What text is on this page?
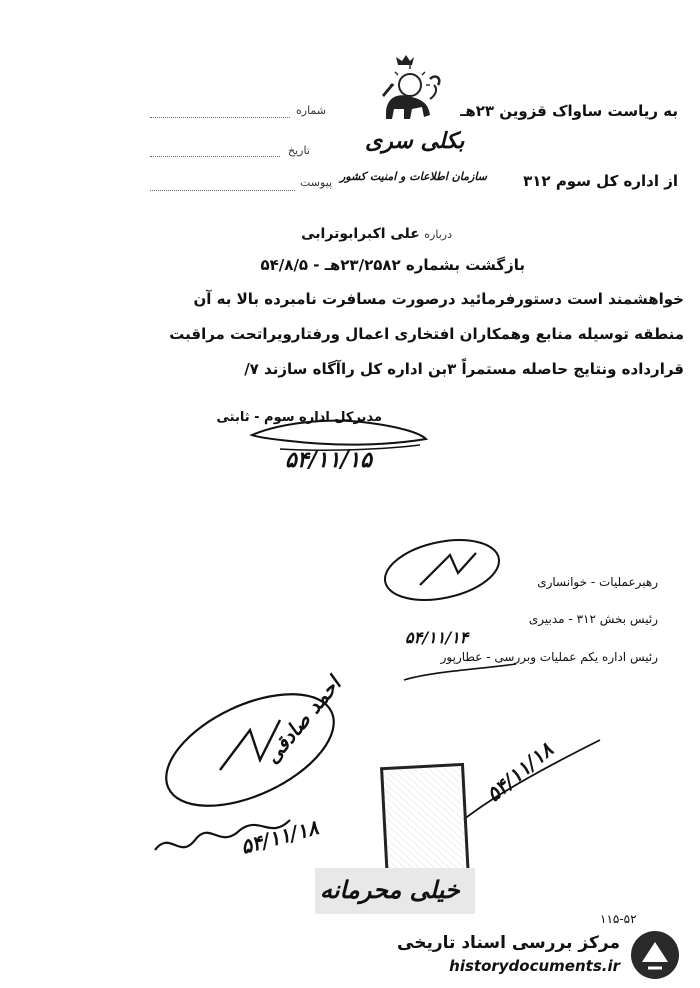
به ریاست ساواک قزوین ۲۳هـ
شماره
بکلی سری
تاریخ
از اداره کل سوم ۳۱۲
سازمان اطلاعات و امنیت کشور
پیوست
درباره علی اکبرابوترابی
بازگشت بشماره ۲۳/۲۵۸۲هـ - ۵۴/۸/۵
خواهشمند است دستورفرمائید درصورت مسافرت نامبرده بالا به آن
منطقه توسیله منابع وهمکاران افتخاری اعمال ورفتارویراتحت مراقبت
قرارداده ونتایج حاصله مستمراً ۳بن اداره کل راآگاه سازند ۷/
مدیرکل اداره سوم - ثابتی
۵۴/۱۱/۱۵
رهبرعملیات - خوانساری
رئیس بخش ۳۱۲ - مدبیری
رئیس اداره یکم عملیات وبررسی - عطارپور
۵۴/۱۱/۱۴
احمد صادقی
۵۴/۱۱/۱۸
۵۴/۱۱/۱۸
خیلی محرمانه
۱۱۵-۵۲
مرکز بررسی اسناد تاریخی
historydocuments.ir
